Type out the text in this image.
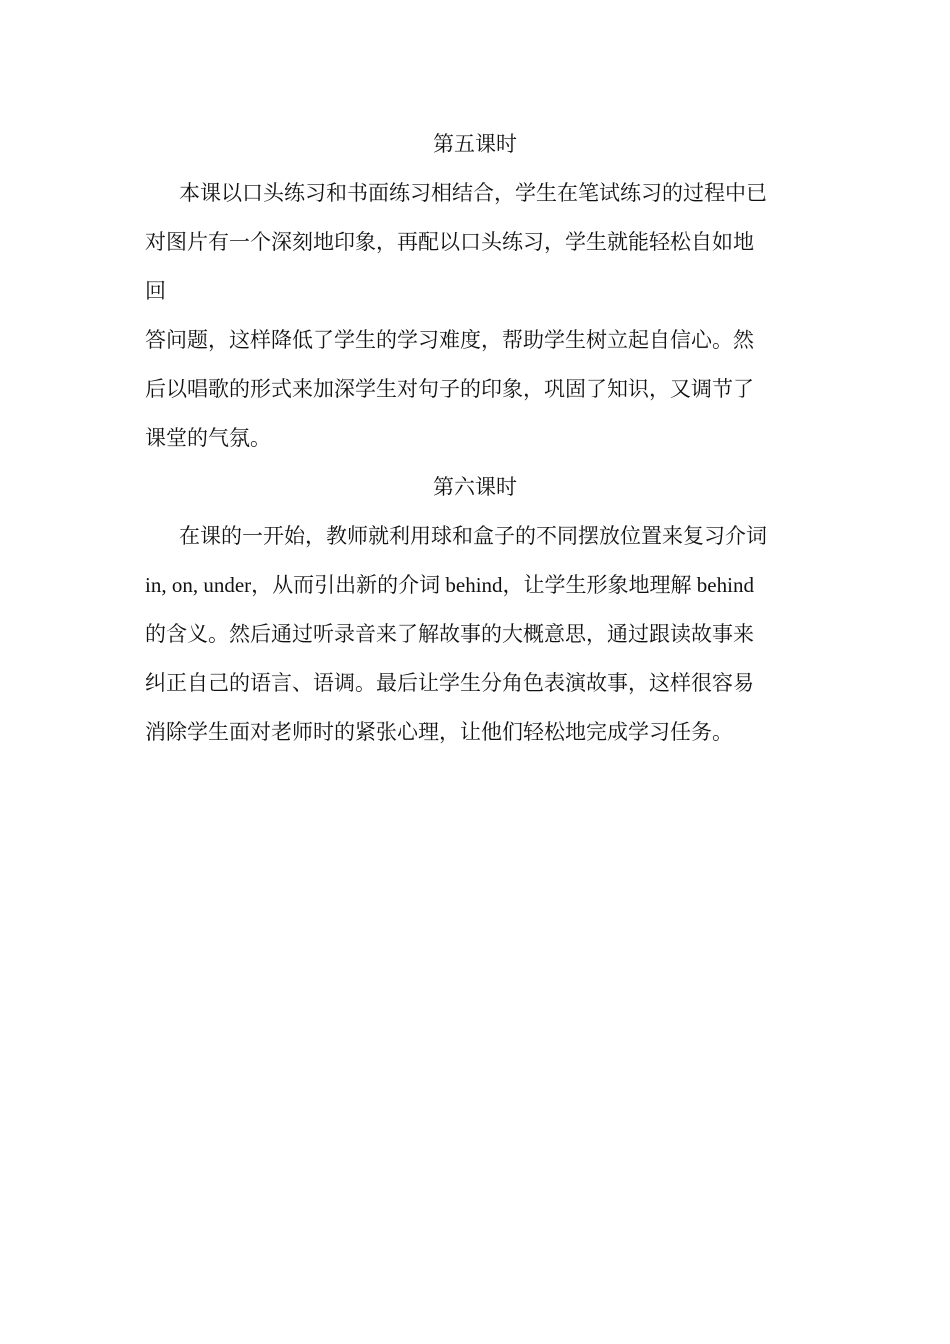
第五课时

本课以口头练习和书面练习相结合，学生在笔试练习的过程中已

对图片有一个深刻地印象，再配以口头练习，学生就能轻松自如地

回

答问题，这样降低了学生的学习难度，帮助学生树立起自信心。然

后以唱歌的形式来加深学生对句子的印象，巩固了知识，又调节了

课堂的气氛。

第六课时

在课的一开始，教师就利用球和盒子的不同摆放位置来复习介词

in, on, under，从而引出新的介词 behind，让学生形象地理解 behind

的含义。然后通过听录音来了解故事的大概意思，通过跟读故事来

纠正自己的语言、语调。最后让学生分角色表演故事，这样很容易

消除学生面对老师时的紧张心理，让他们轻松地完成学习任务。
